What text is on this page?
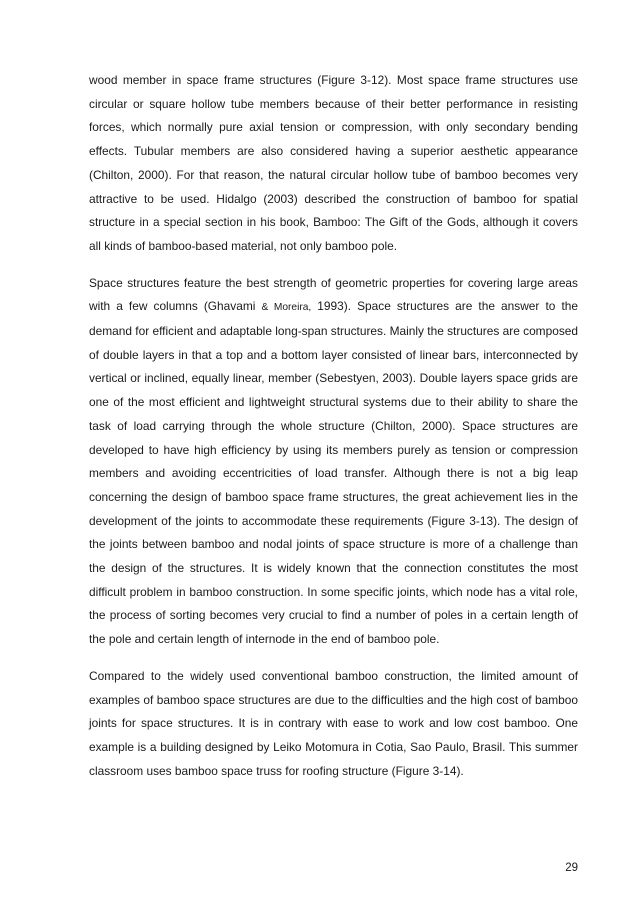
wood member in space frame structures (Figure 3-12). Most space frame structures use circular or square hollow tube members because of their better performance in resisting forces, which normally pure axial tension or compression, with only secondary bending effects. Tubular members are also considered having a superior aesthetic appearance (Chilton, 2000). For that reason, the natural circular hollow tube of bamboo becomes very attractive to be used. Hidalgo (2003) described the construction of bamboo for spatial structure in a special section in his book, Bamboo: The Gift of the Gods, although it covers all kinds of bamboo-based material, not only bamboo pole.

Space structures feature the best strength of geometric properties for covering large areas with a few columns (Ghavami & Moreira, 1993). Space structures are the answer to the demand for efficient and adaptable long-span structures. Mainly the structures are composed of double layers in that a top and a bottom layer consisted of linear bars, interconnected by vertical or inclined, equally linear, member (Sebestyen, 2003). Double layers space grids are one of the most efficient and lightweight structural systems due to their ability to share the task of load carrying through the whole structure (Chilton, 2000). Space structures are developed to have high efficiency by using its members purely as tension or compression members and avoiding eccentricities of load transfer. Although there is not a big leap concerning the design of bamboo space frame structures, the great achievement lies in the development of the joints to accommodate these requirements (Figure 3-13). The design of the joints between bamboo and nodal joints of space structure is more of a challenge than the design of the structures. It is widely known that the connection constitutes the most difficult problem in bamboo construction. In some specific joints, which node has a vital role, the process of sorting becomes very crucial to find a number of poles in a certain length of the pole and certain length of internode in the end of bamboo pole.

Compared to the widely used conventional bamboo construction, the limited amount of examples of bamboo space structures are due to the difficulties and the high cost of bamboo joints for space structures. It is in contrary with ease to work and low cost bamboo. One example is a building designed by Leiko Motomura in Cotia, Sao Paulo, Brasil. This summer classroom uses bamboo space truss for roofing structure (Figure 3-14).

29
